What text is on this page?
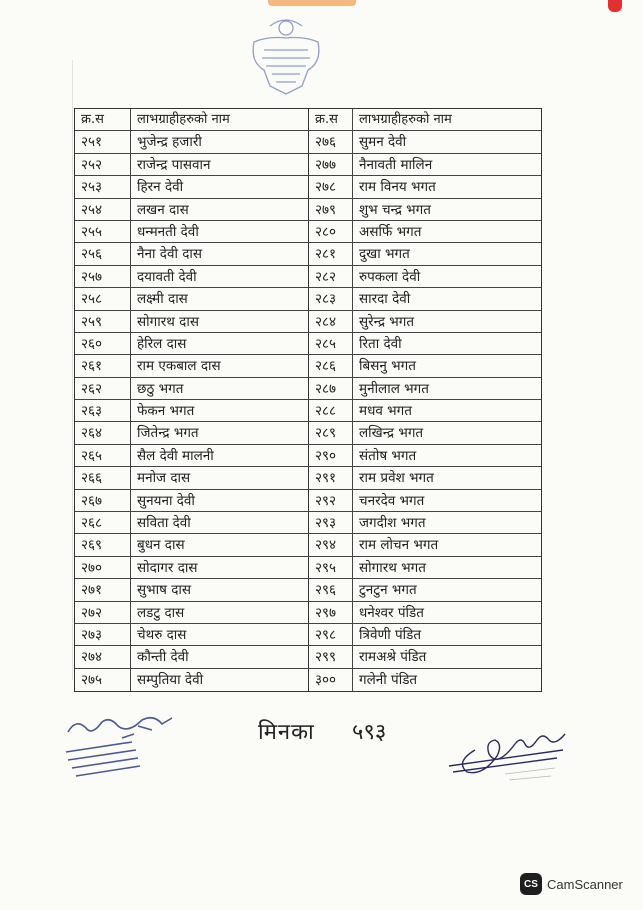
क्र.स	लाभग्राहीहरुको नाम	क्र.स	लाभग्राहीहरुको नाम
२५१	भुजेन्द्र हजारी	२७६	सुमन देवी
२५२	राजेन्द्र पासवान	२७७	नैनावती मालिन
२५३	हिरन देवी	२७८	राम विनय भगत
२५४	लखन दास	२७९	शुभ चन्द्र भगत
२५५	धन्मनती देवी	२८०	असर्फि भगत
२५६	नैना देवी दास	२८१	दुखा भगत
२५७	दयावती देवी	२८२	रुपकला देवी
२५८	लक्ष्मी दास	२८३	सारदा देवी
२५९	सोगारथ दास	२८४	सुरेन्द्र भगत
२६०	हेरिल दास	२८५	रिता देवी
२६१	राम एकबाल दास	२८६	बिसनु भगत
२६२	छठु भगत	२८७	मुनीलाल भगत
२६३	फेकन भगत	२८८	मधव भगत
२६४	जितेन्द्र भगत	२८९	लखिन्द्र भगत
२६५	सैल देवी मालनी	२९०	संतोष भगत
२६६	मनोज दास	२९१	राम प्रवेश भगत
२६७	सुनयना देवी	२९२	चनरदेव भगत
२६८	सविता देवी	२९३	जगदीश भगत
२६९	बुधन दास	२९४	राम लोचन भगत
२७०	सोदागर दास	२९५	सोगारथ भगत
२७१	सुभाष दास	२९६	टुनटुन भगत
२७२	लडटु दास	२९७	धनेश्वर पंडित
२७३	चेथरु दास	२९८	त्रिवेणी पंडित
२७४	कौन्ती देवी	२९९	रामअश्रे पंडित
२७५	सम्पुतिया देवी	३००	गलेनी पंडित
मिनका ५९३
CS CamScanner
